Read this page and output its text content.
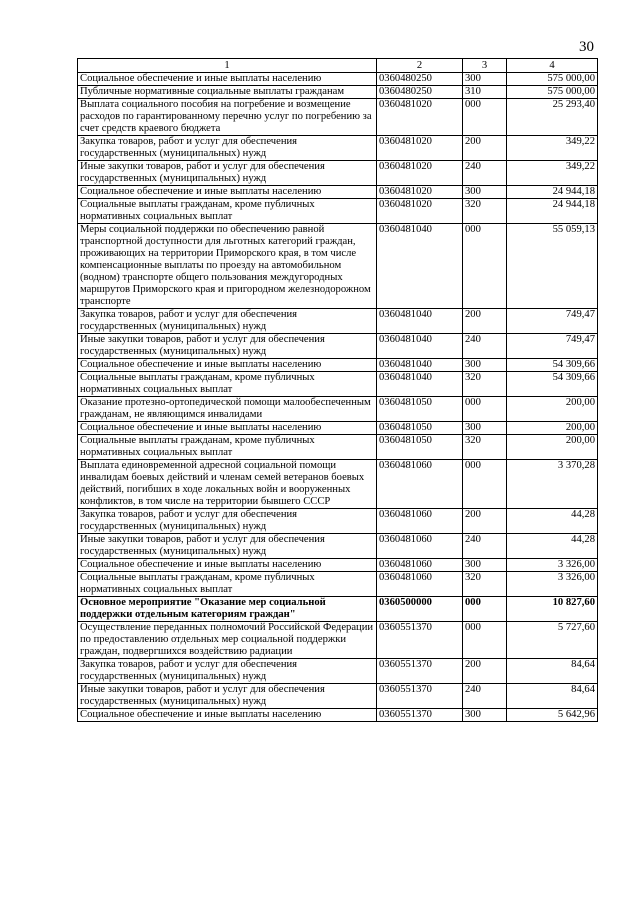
30
1	2	3	4
Социальное обеспечение и иные выплаты населению	0360480250	300	575 000,00
Публичные нормативные социальные выплаты гражданам	0360480250	310	575 000,00
Выплата социального пособия на погребение и возмещение расходов по гарантированному перечню услуг по погребению за счет средств краевого бюджета	0360481020	000	25 293,40
Закупка товаров, работ и услуг для обеспечения государственных (муниципальных) нужд	0360481020	200	349,22
Иные закупки товаров, работ и услуг для обеспечения государственных (муниципальных) нужд	0360481020	240	349,22
Социальное обеспечение и иные выплаты населению	0360481020	300	24 944,18
Социальные выплаты гражданам, кроме публичных нормативных социальных выплат	0360481020	320	24 944,18
Меры социальной поддержки по обеспечению равной транспортной доступности для льготных категорий граждан, проживающих на территории Приморского края, в том числе компенсационные выплаты по проезду на автомобильном (водном) транспорте общего пользования междугородных маршрутов Приморского края и пригородном железнодорожном транспорте	0360481040	000	55 059,13
Закупка товаров, работ и услуг для обеспечения государственных (муниципальных) нужд	0360481040	200	749,47
Иные закупки товаров, работ и услуг для обеспечения государственных (муниципальных) нужд	0360481040	240	749,47
Социальное обеспечение и иные выплаты населению	0360481040	300	54 309,66
Социальные выплаты гражданам, кроме публичных нормативных социальных выплат	0360481040	320	54 309,66
Оказание протезно-ортопедической помощи малообеспеченным гражданам, не являющимся инвалидами	0360481050	000	200,00
Социальное обеспечение и иные выплаты населению	0360481050	300	200,00
Социальные выплаты гражданам, кроме публичных нормативных социальных выплат	0360481050	320	200,00
Выплата единовременной адресной социальной помощи инвалидам боевых действий и членам семей ветеранов боевых действий, погибших в ходе локальных войн и вооруженных конфликтов, в том числе на территории бывшего СССР	0360481060	000	3 370,28
Закупка товаров, работ и услуг для обеспечения государственных (муниципальных) нужд	0360481060	200	44,28
Иные закупки товаров, работ и услуг для обеспечения государственных (муниципальных) нужд	0360481060	240	44,28
Социальное обеспечение и иные выплаты населению	0360481060	300	3 326,00
Социальные выплаты гражданам, кроме публичных нормативных социальных выплат	0360481060	320	3 326,00
Основное мероприятие "Оказание мер социальной поддержки отдельным категориям граждан"	0360500000	000	10 827,60
Осуществление переданных полномочий Российской Федерации по предоставлению отдельных мер социальной поддержки граждан, подвергшихся воздействию радиации	0360551370	000	5 727,60
Закупка товаров, работ и услуг для обеспечения государственных (муниципальных) нужд	0360551370	200	84,64
Иные закупки товаров, работ и услуг для обеспечения государственных (муниципальных) нужд	0360551370	240	84,64
Социальное обеспечение и иные выплаты населению	0360551370	300	5 642,96
